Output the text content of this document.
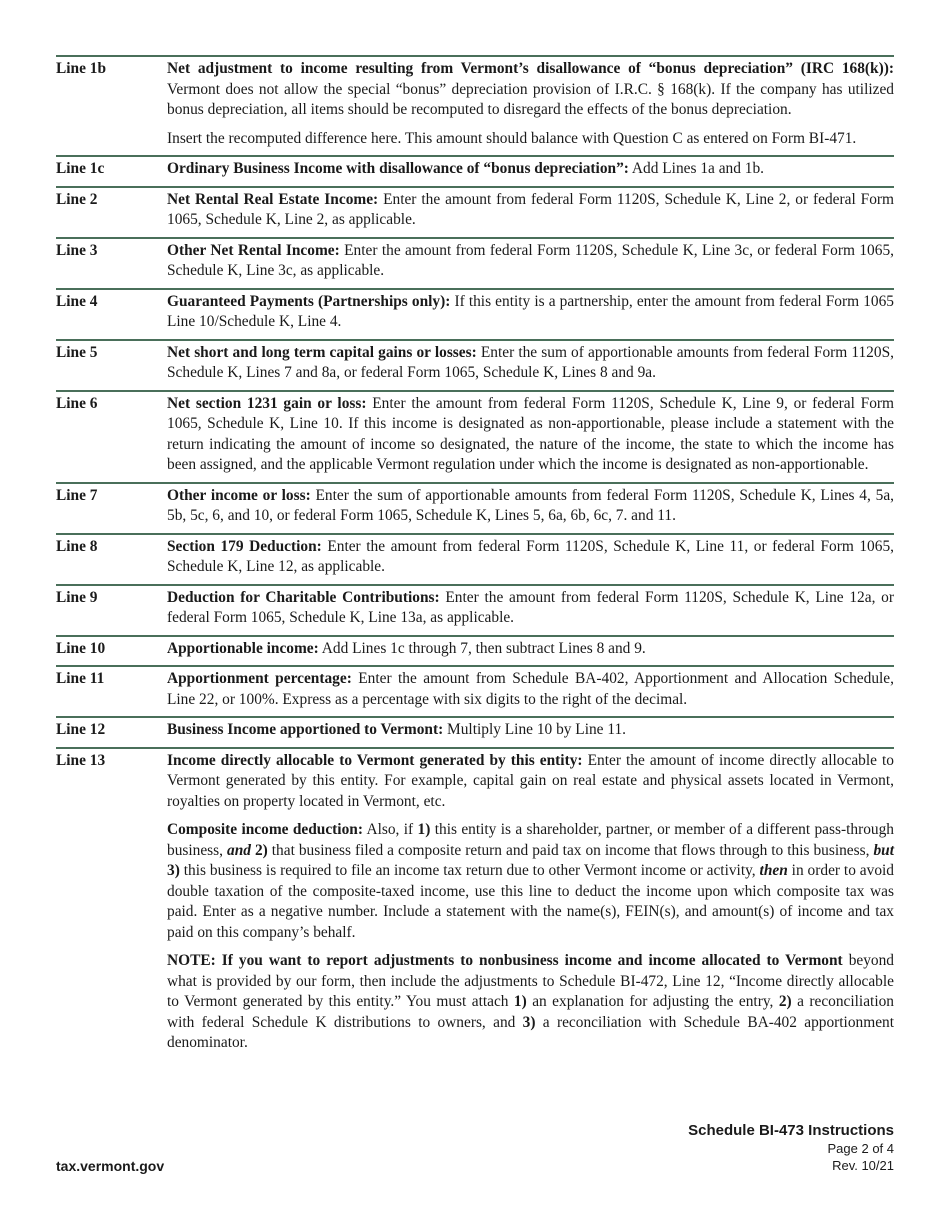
Line 1b	Net adjustment to income resulting from Vermont’s disallowance of “bonus depreciation” (IRC 168(k)): Vermont does not allow the special “bonus” depreciation provision of I.R.C. § 168(k). If the company has utilized bonus depreciation, all items should be recomputed to disregard the effects of the bonus depreciation.

Insert the recomputed difference here. This amount should balance with Question C as entered on Form BI-471.

Line 1c	Ordinary Business Income with disallowance of “bonus depreciation”: Add Lines 1a and 1b.

Line 2	Net Rental Real Estate Income: Enter the amount from federal Form 1120S, Schedule K, Line 2, or federal Form 1065, Schedule K, Line 2, as applicable.

Line 3	Other Net Rental Income: Enter the amount from federal Form 1120S, Schedule K, Line 3c, or federal Form 1065, Schedule K, Line 3c, as applicable.

Line 4	Guaranteed Payments (Partnerships only): If this entity is a partnership, enter the amount from federal Form 1065 Line 10/Schedule K, Line 4.

Line 5	Net short and long term capital gains or losses: Enter the sum of apportionable amounts from federal Form 1120S, Schedule K, Lines 7 and 8a, or federal Form 1065, Schedule K, Lines 8 and 9a.

Line 6	Net section 1231 gain or loss: Enter the amount from federal Form 1120S, Schedule K, Line 9, or federal Form 1065, Schedule K, Line 10. If this income is designated as non-apportionable, please include a statement with the return indicating the amount of income so designated, the nature of the income, the state to which the income has been assigned, and the applicable Vermont regulation under which the income is designated as non-apportionable.

Line 7	Other income or loss: Enter the sum of apportionable amounts from federal Form 1120S, Schedule K, Lines 4, 5a, 5b, 5c, 6, and 10, or federal Form 1065, Schedule K, Lines 5, 6a, 6b, 6c, 7. and 11.

Line 8	Section 179 Deduction: Enter the amount from federal Form 1120S, Schedule K, Line 11, or federal Form 1065, Schedule K, Line 12, as applicable.

Line 9	Deduction for Charitable Contributions: Enter the amount from federal Form 1120S, Schedule K, Line 12a, or federal Form 1065, Schedule K, Line 13a, as applicable.

Line 10	Apportionable income: Add Lines 1c through 7, then subtract Lines 8 and 9.

Line 11	Apportionment percentage: Enter the amount from Schedule BA-402, Apportionment and Allocation Schedule, Line 22, or 100%. Express as a percentage with six digits to the right of the decimal.

Line 12	Business Income apportioned to Vermont: Multiply Line 10 by Line 11.

Line 13	Income directly allocable to Vermont generated by this entity: Enter the amount of income directly allocable to Vermont generated by this entity. For example, capital gain on real estate and physical assets located in Vermont, royalties on property located in Vermont, etc.

Composite income deduction: Also, if 1) this entity is a shareholder, partner, or member of a different pass-through business, and 2) that business filed a composite return and paid tax on income that flows through to this business, but 3) this business is required to file an income tax return due to other Vermont income or activity, then in order to avoid double taxation of the composite-taxed income, use this line to deduct the income upon which composite tax was paid. Enter as a negative number. Include a statement with the name(s), FEIN(s), and amount(s) of income and tax paid on this company’s behalf.

NOTE: If you want to report adjustments to nonbusiness income and income allocated to Vermont beyond what is provided by our form, then include the adjustments to Schedule BI-472, Line 12, “Income directly allocable to Vermont generated by this entity.” You must attach 1) an explanation for adjusting the entry, 2) a reconciliation with federal Schedule K distributions to owners, and 3) a reconciliation with Schedule BA-402 apportionment denominator.

tax.vermont.gov
Schedule BI-473 Instructions
Page 2 of 4
Rev. 10/21
